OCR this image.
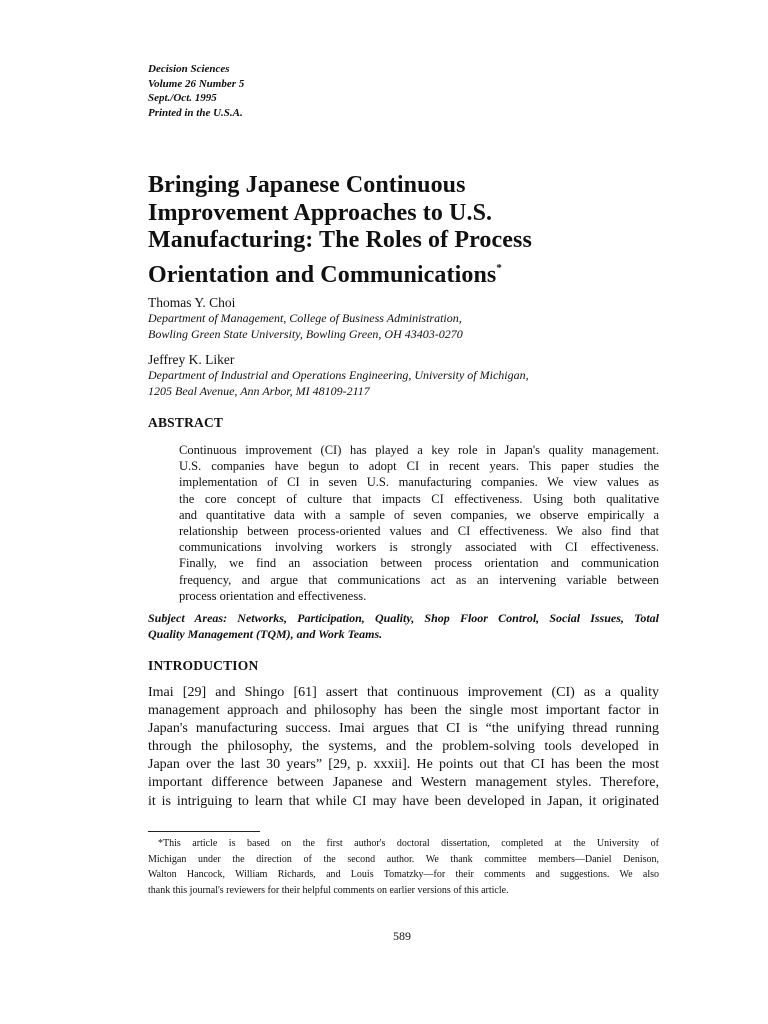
Decision Sciences
Volume 26 Number 5
Sept./Oct. 1995
Printed in the U.S.A.
Bringing Japanese Continuous
Improvement Approaches to U.S.
Manufacturing: The Roles of Process
Orientation and Communications*
Thomas Y. Choi
Department of Management, College of Business Administration,
Bowling Green State University, Bowling Green, OH 43403-0270
Jeffrey K. Liker
Department of Industrial and Operations Engineering, University of Michigan,
1205 Beal Avenue, Ann Arbor, MI 48109-2117
ABSTRACT
Continuous improvement (CI) has played a key role in Japan's quality management.
U.S. companies have begun to adopt CI in recent years. This paper studies the
implementation of CI in seven U.S. manufacturing companies. We view values as
the core concept of culture that impacts CI effectiveness. Using both qualitative
and quantitative data with a sample of seven companies, we observe empirically a
relationship between process-oriented values and CI effectiveness. We also find that
communications involving workers is strongly associated with CI effectiveness.
Finally, we find an association between process orientation and communication
frequency, and argue that communications act as an intervening variable between
process orientation and effectiveness.
Subject Areas: Networks, Participation, Quality, Shop Floor Control, Social Issues, Total
Quality Management (TQM), and Work Teams.
INTRODUCTION
Imai [29] and Shingo [61] assert that continuous improvement (CI) as a quality
management approach and philosophy has been the single most important factor in
Japan's manufacturing success. Imai argues that CI is “the unifying thread running
through the philosophy, the systems, and the problem-solving tools developed in
Japan over the last 30 years” [29, p. xxxii]. He points out that CI has been the most
important difference between Japanese and Western management styles. Therefore,
it is intriguing to learn that while CI may have been developed in Japan, it originated
*This article is based on the first author's doctoral dissertation, completed at the University of
Michigan under the direction of the second author. We thank committee members—Daniel Denison,
Walton Hancock, William Richards, and Louis Tomatzky—for their comments and suggestions. We also
thank this journal's reviewers for their helpful comments on earlier versions of this article.
589
